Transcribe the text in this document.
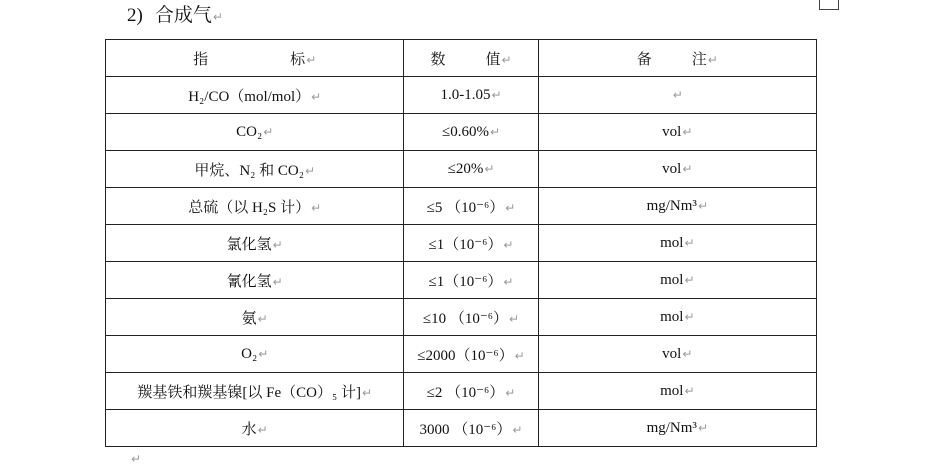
2) 合成气↵
指 标↵	数 值↵	备 注↵
H₂/CO（mol/mol）↵	1.0-1.05↵	↵
CO₂↵	≤0.60%↵	vol↵
甲烷、N₂ 和 CO₂↵	≤20%↵	vol↵
总硫（以 H₂S 计）↵	≤5 （10⁻⁶）↵	mg/Nm³↵
氯化氢↵	≤1（10⁻⁶）↵	mol↵
氰化氢↵	≤1（10⁻⁶）↵	mol↵
氨↵	≤10 （10⁻⁶）↵	mol↵
O₂↵	≤2000（10⁻⁶）↵	vol↵
羰基铁和羰基镍[以 Fe（CO）₅ 计]↵	≤2 （10⁻⁶）↵	mol↵
水↵	3000 （10⁻⁶）↵	mg/Nm³↵
↵
